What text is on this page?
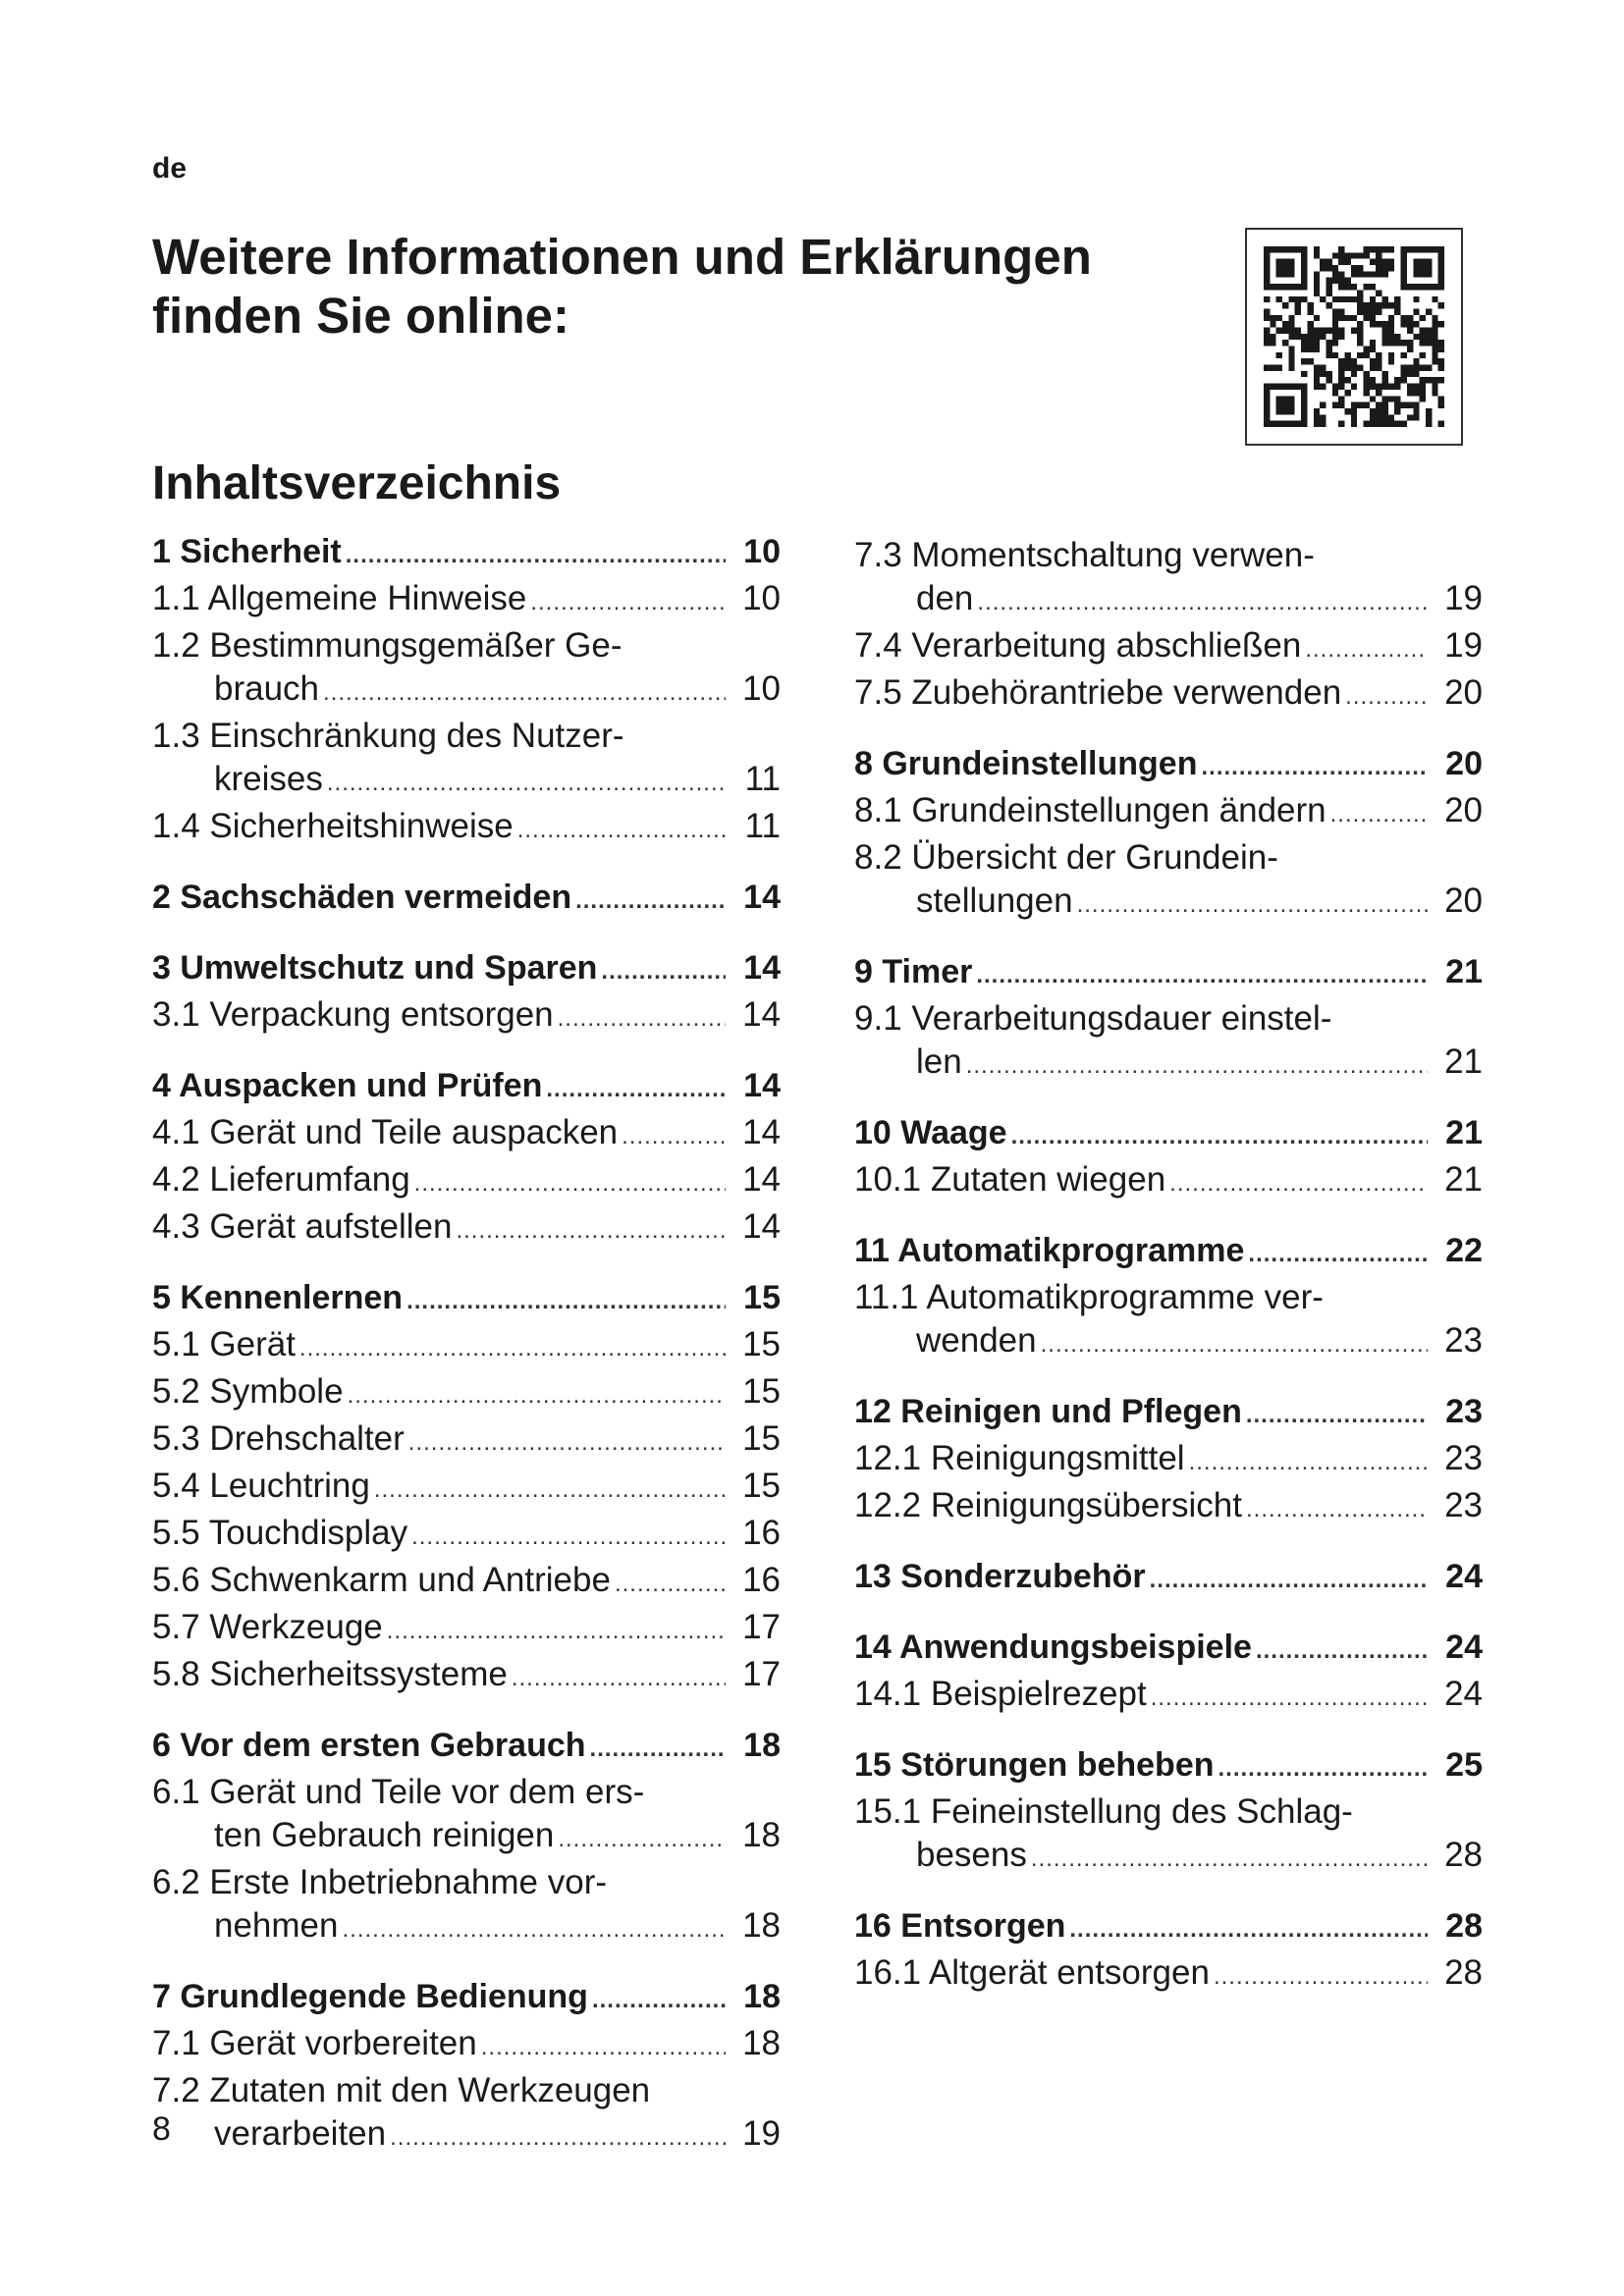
de
Weitere Informationen und Erklärungen finden Sie online:
Inhaltsverzeichnis
1 Sicherheit .....	10
1.1 Allgemeine Hinweise .....	10
1.2 Bestimmungsgemäßer Ge-
brauch .....	10
1.3 Einschränkung des Nutzer-
kreises .....	11
1.4 Sicherheitshinweise .....	11
2 Sachschäden vermeiden .....	14
3 Umweltschutz und Sparen .....	14
3.1 Verpackung entsorgen .....	14
4 Auspacken und Prüfen .....	14
4.1 Gerät und Teile auspacken .....	14
4.2 Lieferumfang .....	14
4.3 Gerät aufstellen .....	14
5 Kennenlernen .....	15
5.1 Gerät .....	15
5.2 Symbole .....	15
5.3 Drehschalter .....	15
5.4 Leuchtring .....	15
5.5 Touchdisplay .....	16
5.6 Schwenkarm und Antriebe .....	16
5.7 Werkzeuge .....	17
5.8 Sicherheitssysteme .....	17
6 Vor dem ersten Gebrauch .....	18
6.1 Gerät und Teile vor dem ers-
ten Gebrauch reinigen .....	18
6.2 Erste Inbetriebnahme vor-
nehmen .....	18
7 Grundlegende Bedienung .....	18
7.1 Gerät vorbereiten .....	18
7.2 Zutaten mit den Werkzeugen
verarbeiten .....	19
7.3 Momentschaltung verwen-
den .....	19
7.4 Verarbeitung abschließen .....	19
7.5 Zubehörantriebe verwenden .....	20
8 Grundeinstellungen .....	20
8.1 Grundeinstellungen ändern .....	20
8.2 Übersicht der Grundein-
stellungen .....	20
9 Timer .....	21
9.1 Verarbeitungsdauer einstel-
len .....	21
10 Waage .....	21
10.1 Zutaten wiegen .....	21
11 Automatikprogramme .....	22
11.1 Automatikprogramme ver-
wenden .....	23
12 Reinigen und Pflegen .....	23
12.1 Reinigungsmittel .....	23
12.2 Reinigungsübersicht .....	23
13 Sonderzubehör .....	24
14 Anwendungsbeispiele .....	24
14.1 Beispielrezept .....	24
15 Störungen beheben .....	25
15.1 Feineinstellung des Schlag-
besens .....	28
16 Entsorgen .....	28
16.1 Altgerät entsorgen .....	28
8
